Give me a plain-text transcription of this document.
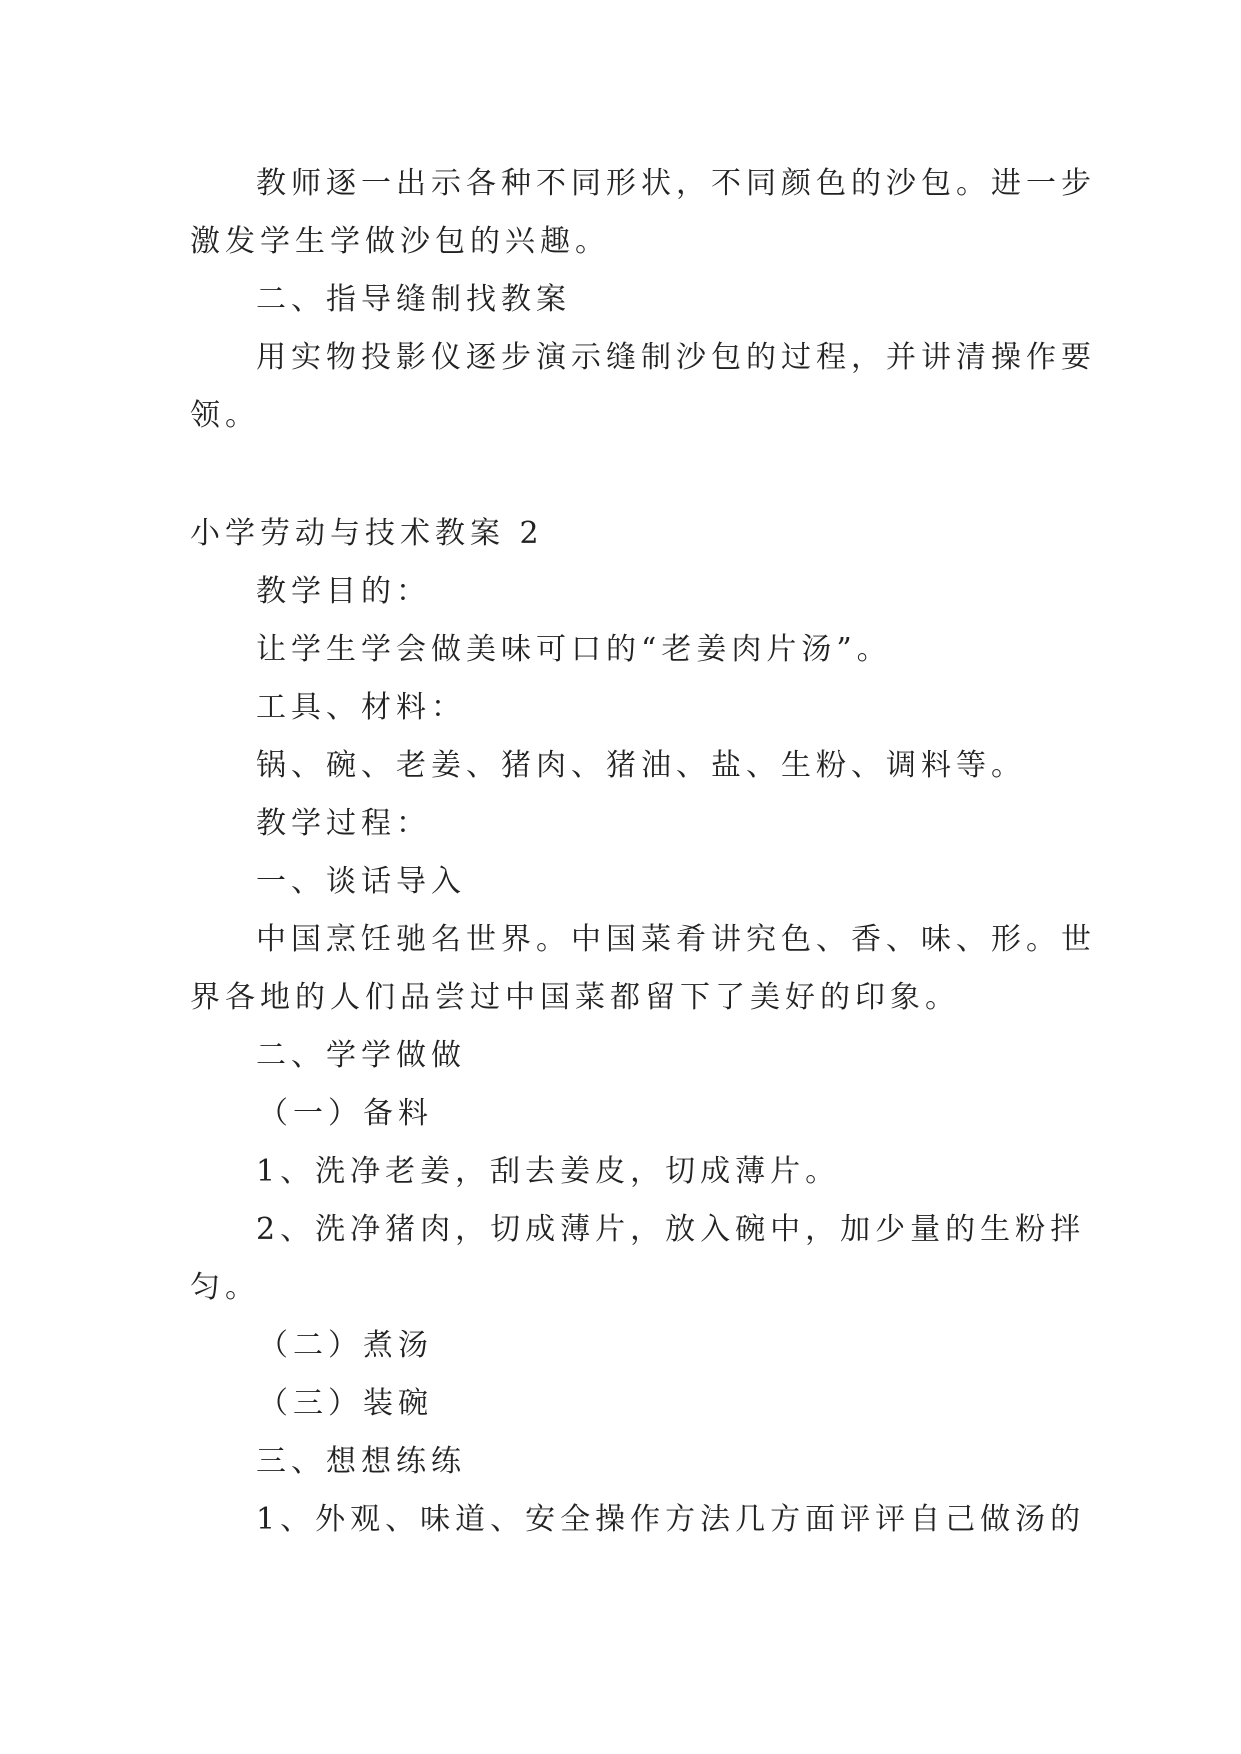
教师逐一出示各种不同形状，不同颜色的沙包。进一步
激发学生学做沙包的兴趣。
二、指导缝制找教案
用实物投影仪逐步演示缝制沙包的过程，并讲清操作要
领。
小学劳动与技术教案 2
教学目的：
让学生学会做美味可口的“老姜肉片汤”。
工具、材料：
锅、碗、老姜、猪肉、猪油、盐、生粉、调料等。
教学过程：
一、谈话导入
中国烹饪驰名世界。中国菜肴讲究色、香、味、形。世
界各地的人们品尝过中国菜都留下了美好的印象。
二、学学做做
（一）备料
1、洗净老姜，刮去姜皮，切成薄片。
2、洗净猪肉，切成薄片，放入碗中，加少量的生粉拌
匀。
（二）煮汤
（三）装碗
三、想想练练
1、外观、味道、安全操作方法几方面评评自己做汤的
